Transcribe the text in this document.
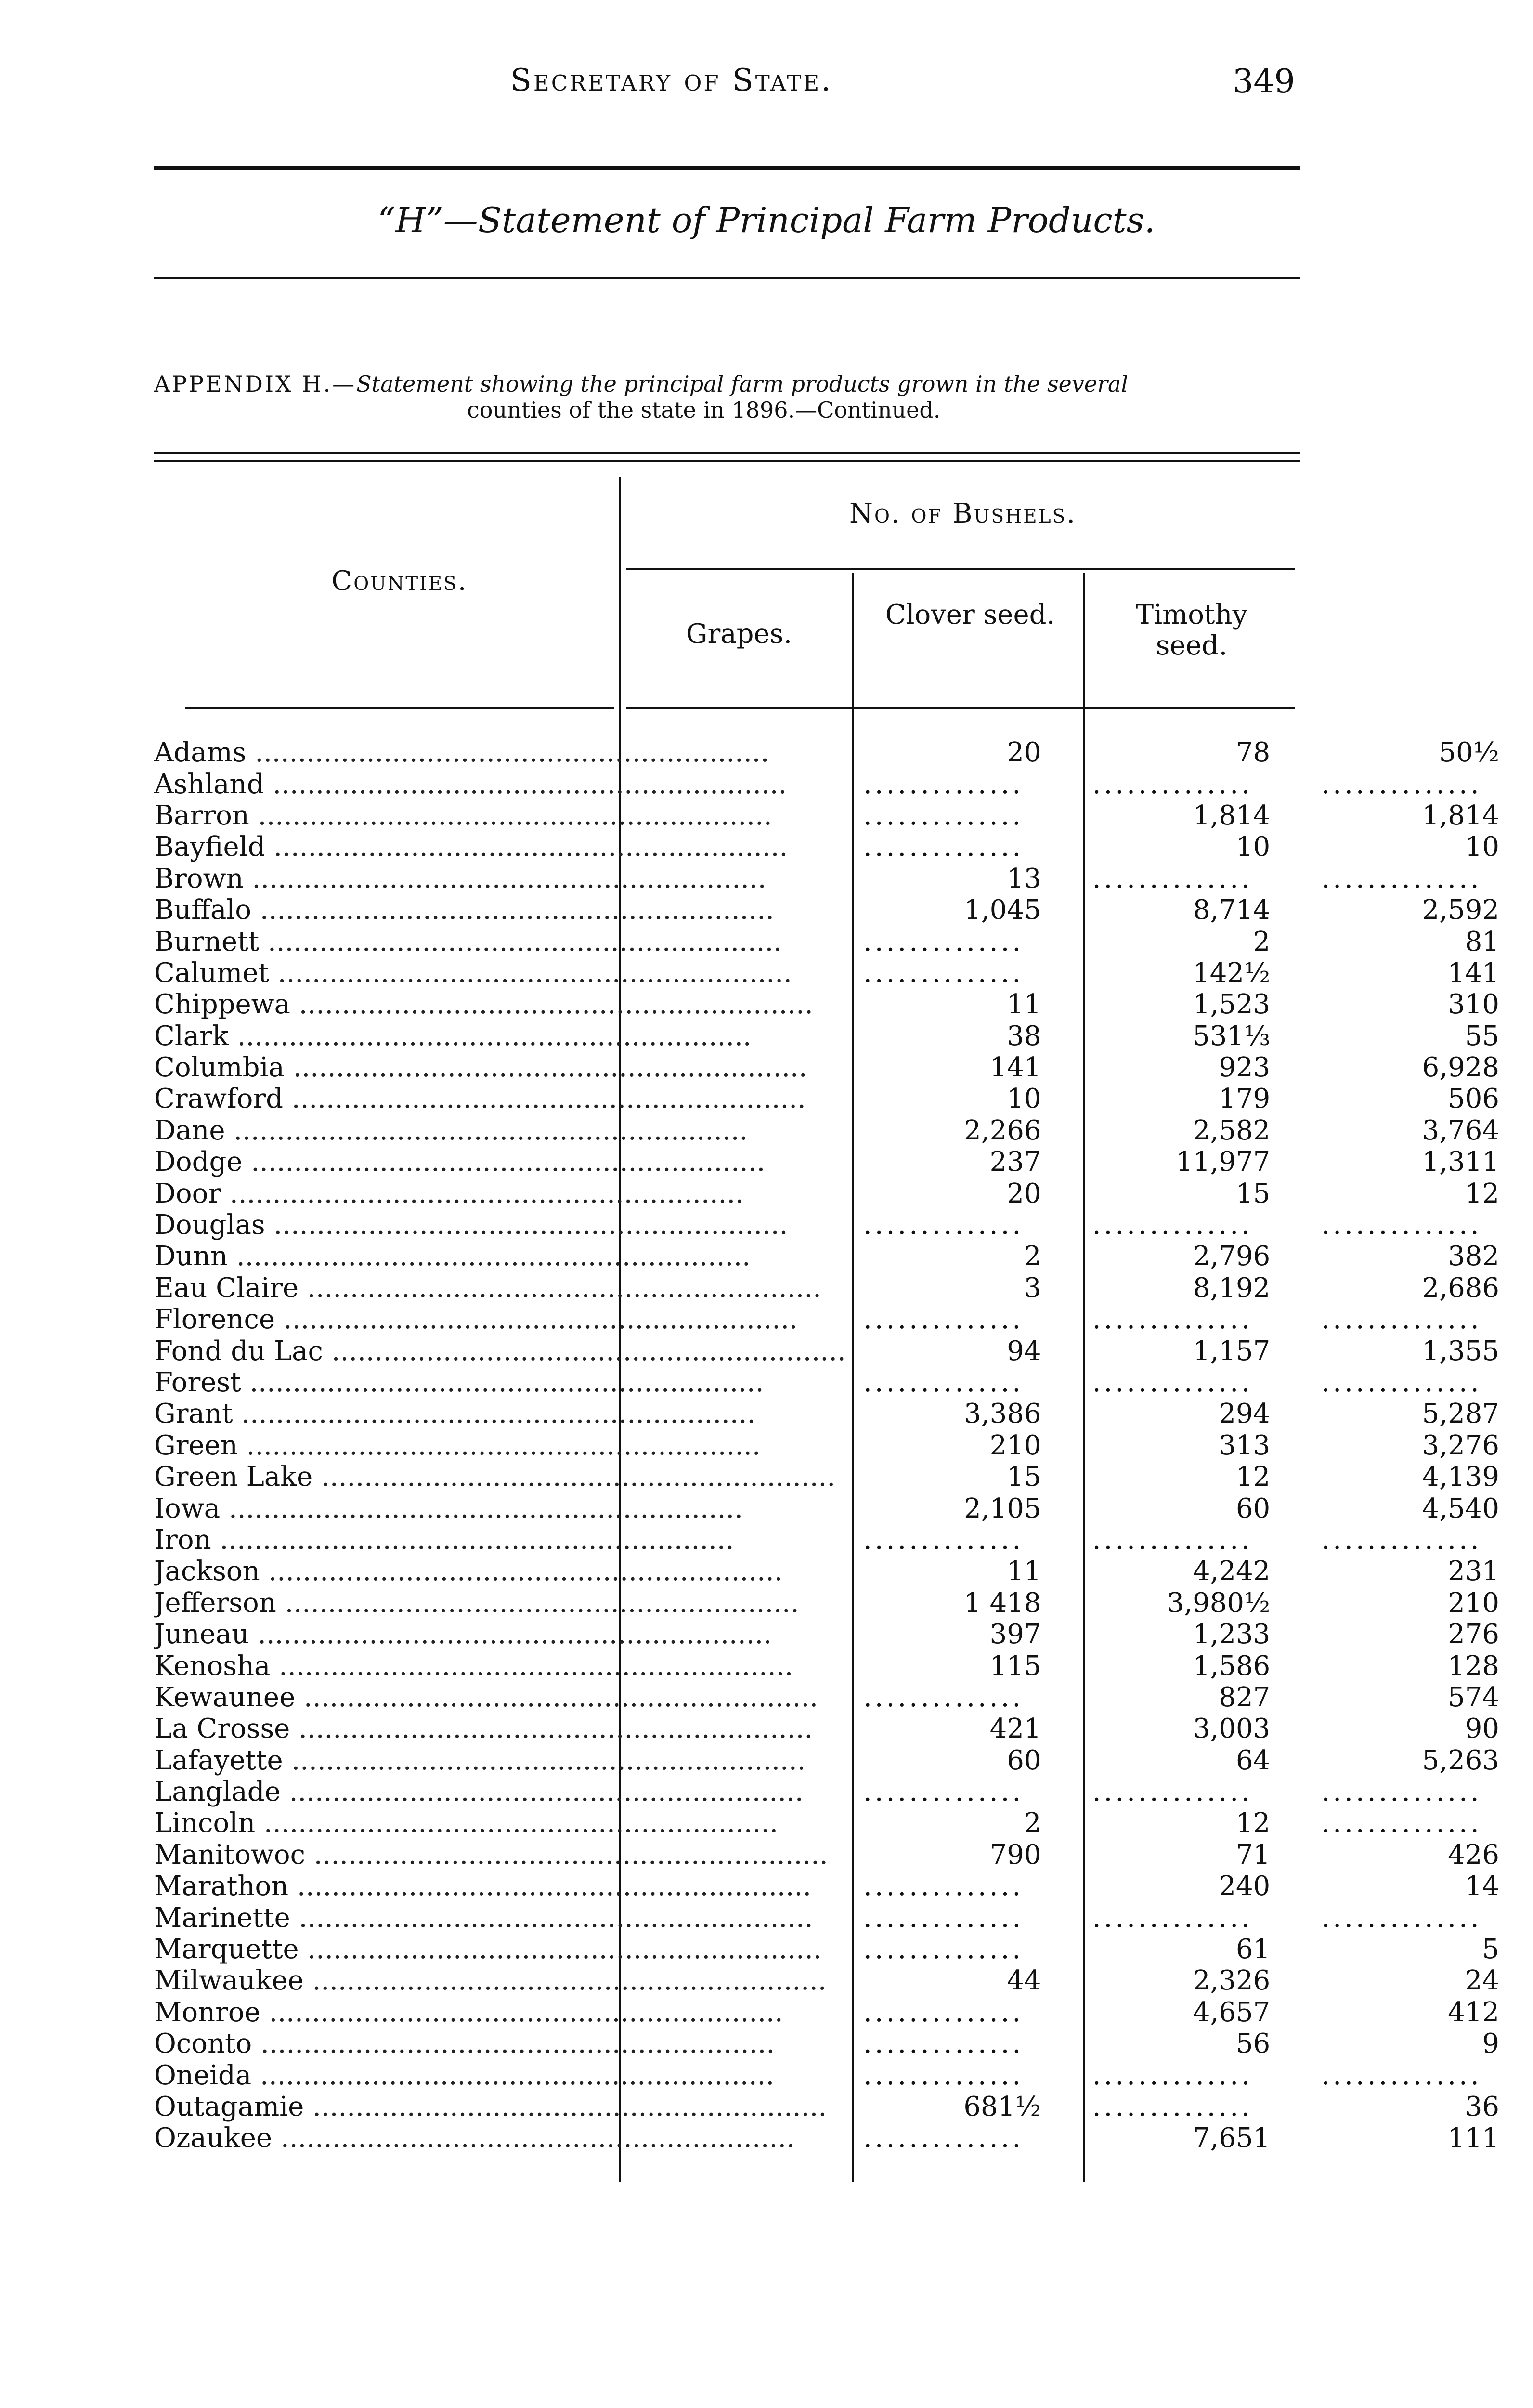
Secretary of State.	349
“H”—Statement of Principal Farm Products.
APPENDIX H.—Statement showing the principal farm products grown in the several
counties of the state in 1896.—Continued.
Counties.
No. of Bushels.
Grapes.
Clover seed.	Timothy seed.
Adams ............................................................	20	78	50½
Ashland ............................................................	..............	..............	..............
Barron ............................................................	..............	1,814	1,814
Bayfield ............................................................	..............	10	10
Brown ............................................................	13	..............	..............
Buffalo ............................................................	1,045	8,714	2,592
Burnett ............................................................	..............	2	81
Calumet ............................................................	..............	142½	141
Chippewa ............................................................	11	1,523	310
Clark ............................................................	38	531⅓	55
Columbia ............................................................	141	923	6,928
Crawford ............................................................	10	179	506
Dane ............................................................	2,266	2,582	3,764
Dodge ............................................................	237	11,977	1,311
Door ............................................................	20	15	12
Douglas ............................................................	..............	..............	..............
Dunn ............................................................	2	2,796	382
Eau Claire ............................................................	3	8,192	2,686
Florence ............................................................	..............	..............	..............
Fond du Lac ............................................................	94	1,157	1,355
Forest ............................................................	..............	..............	..............
Grant ............................................................	3,386	294	5,287
Green ............................................................	210	313	3,276
Green Lake ............................................................	15	12	4,139
Iowa ............................................................	2,105	60	4,540
Iron ............................................................	..............	..............	..............
Jackson ............................................................	11	4,242	231
Jefferson ............................................................	1 418	3,980½	210
Juneau ............................................................	397	1,233	276
Kenosha ............................................................	115	1,586	128
Kewaunee ............................................................	..............	827	574
La Crosse ............................................................	421	3,003	90
Lafayette ............................................................	60	64	5,263
Langlade ............................................................	..............	..............	..............
Lincoln ............................................................	2	12	..............
Manitowoc ............................................................	790	71	426
Marathon ............................................................	..............	240	14
Marinette ............................................................	..............	..............	..............
Marquette ............................................................	..............	61	5
Milwaukee ............................................................	44	2,326	24
Monroe ............................................................	..............	4,657	412
Oconto ............................................................	..............	56	9
Oneida ............................................................	..............	..............	..............
Outagamie ............................................................	681½	..............	36
Ozaukee ............................................................	..............	7,651	111
